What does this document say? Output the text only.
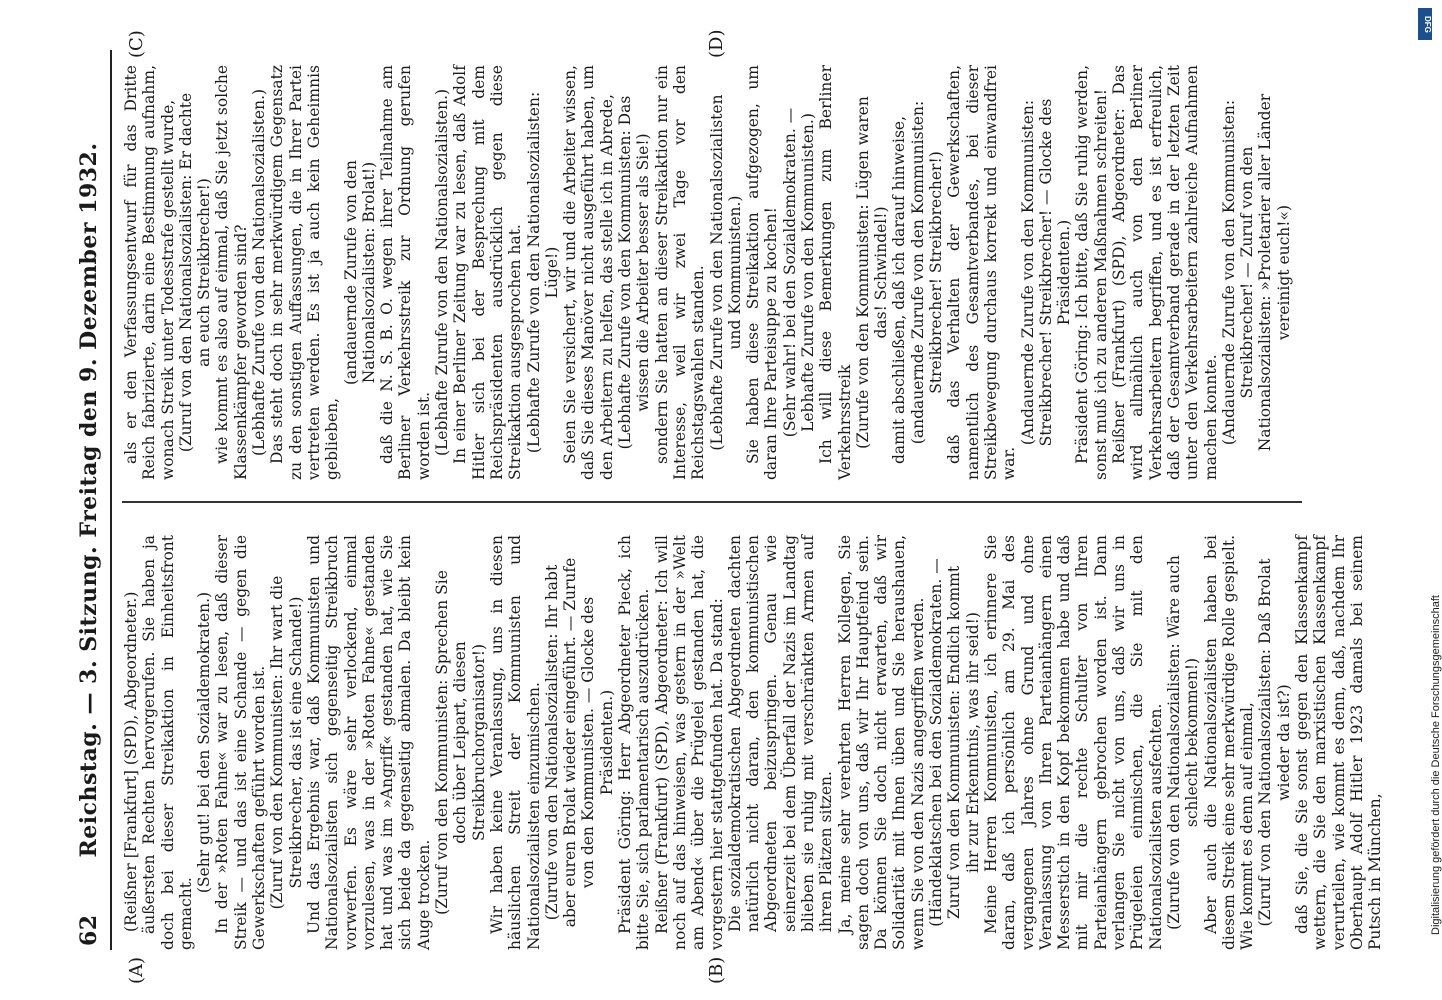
62
Reichstag. — 3. Sitzung. Freitag den 9. Dezember 1932.
(A)	(B)
(C)	(D)

(Reißner [Frankfurt] (SPD), Abgeordneter.) äußersten Rechten hervorgerufen. Sie haben ja doch bei dieser Streikaktion in Einheitsfront gemacht.

(Sehr gut! bei den Sozialdemokraten.) In der »Roten Fahne« war zu lesen, daß dieser Streik — und das ist eine Schande — gegen die Gewerkschaften geführt worden ist. (Zuruf von den Kommunisten: Ihr wart die Streikbrecher, das ist eine Schande!) Und das Ergebnis war, daß Kommunisten und Nationalsozialisten sich gegenseitig Streikbruch vorwerfen. Es wäre sehr verlockend, einmal vorzulesen, was in der »Roten Fahne« gestanden hat und was im »Angriff« gestanden hat, wie Sie sich beide da gegenseitig abmalen. Da bleibt kein Auge trocken. (Zuruf von den Kommunisten: Sprechen Sie doch über Leipart, diesen Streikbruchorganisator!) Wir haben keine Veranlassung, uns in diesen häuslichen Streit der Kommunisten und Nationalsozialisten einzumischen. (Zurufe von den Nationalsozialisten: Ihr habt aber euren Brolat wieder eingeführt. — Zurufe von den Kommunisten. — Glocke des Präsidenten.) Präsident Göring: Herr Abgeordneter Pieck, ich bitte Sie, sich parlamentarisch auszudrücken. Reißner (Frankfurt) (SPD), Abgeordneter: Ich will noch auf das hinweisen, was gestern in der »Welt am Abend« über die Prügelei gestanden hat, die vorgestern hier stattgefunden hat. Da stand: Die sozialdemokratischen Abgeordneten dachten natürlich nicht daran, den kommunistischen Abgeordneten beizuspringen. Genau wie seinerzeit bei dem Überfall der Nazis im Landtag blieben sie ruhig mit verschränkten Armen auf ihren Plätzen sitzen. Ja, meine sehr verehrten Herren Kollegen, Sie sagen doch von uns, daß wir Ihr Hauptfeind sein. Da können Sie doch nicht erwarten, daß wir Solidarität mit Ihnen üben und Sie heraushauen, wenn Sie von den Nazis angegriffen werden. (Händeklatschen bei den Sozialdemokraten. — Zuruf von den Kommunisten: Endlich kommt ihr zur Erkenntnis, was ihr seid!) Meine Herren Kommunisten, ich erinnere Sie daran, daß ich persönlich am 29. Mai des vergangenen Jahres ohne Grund und ohne Veranlassung von Ihren Parteianhängern einen Messerstich in den Kopf bekommen habe und daß mit mir die rechte Schulter von Ihren Parteianhängern gebrochen worden ist. Dann verlangen Sie nicht von uns, daß wir uns in Prügeleien einmischen, die Sie mit den Nationalsozialisten ausfechten. (Zurufe von den Nationalsozialisten: Wäre auch schlecht bekommen!) Aber auch die Nationalsozialisten haben bei diesem Streik eine sehr merkwürdige Rolle gespielt. Wie kommt es denn auf einmal, (Zuruf von den Nationalsozialisten: Daß Brolat wieder da ist?) daß Sie, die Sie sonst gegen den Klassenkampf wettern, die Sie den marxistischen Klassenkampf verurteilen, wie kommt es denn, daß, nachdem Ihr Oberhaupt Adolf Hitler 1923 damals bei seinem Putsch in München,

als er den Verfassungsentwurf für das Dritte Reich fabrizierte, darin eine Bestimmung aufnahm, wonach Streik unter Todesstrafe gestellt wurde, (Zuruf von den Nationalsozialisten: Er dachte an euch Streikbrecher!) wie kommt es also auf einmal, daß Sie jetzt solche Klassenkämpfer geworden sind? (Lebhafte Zurufe von den Nationalsozialisten.) Das steht doch in sehr merkwürdigem Gegensatz zu den sonstigen Auffassungen, die in Ihrer Partei vertreten werden. Es ist ja auch kein Geheimnis geblieben,

(andauernde Zurufe von den Nationalsozialisten: Brolat!) daß die N. S. B. O. wegen ihrer Teilnahme am Berliner Verkehrsstreik zur Ordnung gerufen worden ist. (Lebhafte Zurufe von den Nationalsozialisten.) In einer Berliner Zeitung war zu lesen, daß Adolf Hitler sich bei der Besprechung mit dem Reichspräsidenten ausdrücklich gegen diese Streikaktion ausgesprochen hat. (Lebhafte Zurufe von den Nationalsozialisten: Lüge!) Seien Sie versichert, wir und die Arbeiter wissen, daß Sie dieses Manöver nicht ausgeführt haben, um den Arbeitern zu helfen, das stelle ich in Abrede, (Lebhafte Zurufe von den Kommunisten: Das wissen die Arbeiter besser als Sie!) sondern Sie hatten an dieser Streikaktion nur ein Interesse, weil wir zwei Tage vor den Reichstagswahlen standen. (Lebhafte Zurufe von den Nationalsozialisten und Kommunisten.) Sie haben diese Streikaktion aufgezogen, um daran Ihre Parteisuppe zu kochen! (Sehr wahr! bei den Sozialdemokraten. — Lebhafte Zurufe von den Kommunisten.) Ich will diese Bemerkungen zum Berliner Verkehrsstreik (Zurufe von den Kommunisten: Lügen waren das! Schwindel!) damit abschließen, daß ich darauf hinweise, (andauernde Zurufe von den Kommunisten: Streikbrecher! Streikbrecher!) daß das Verhalten der Gewerkschaften, namentlich des Gesamtverbandes, bei dieser Streikbewegung durchaus korrekt und einwandfrei war.

(Andauernde Zurufe von den Kommunisten: Streikbrecher! Streikbrecher! — Glocke des Präsidenten.) Präsident Göring: Ich bitte, daß Sie ruhig werden, sonst muß ich zu anderen Maßnahmen schreiten! Reißner (Frankfurt) (SPD), Abgeordneter: Das wird allmählich auch von den Berliner Verkehrsarbeitern begriffen, und es ist erfreulich, daß der Gesamtverband gerade in der letzten Zeit unter den Verkehrsarbeitern zahlreiche Aufnahmen machen konnte. (Andauernde Zurufe von den Kommunisten: Streikbrecher! — Zuruf von den Nationalsozialisten: »Proletarier aller Länder vereinigt euch!«)

Digitalisierung gefördert durch die Deutsche Forschungsgemeinschaft
DFG
